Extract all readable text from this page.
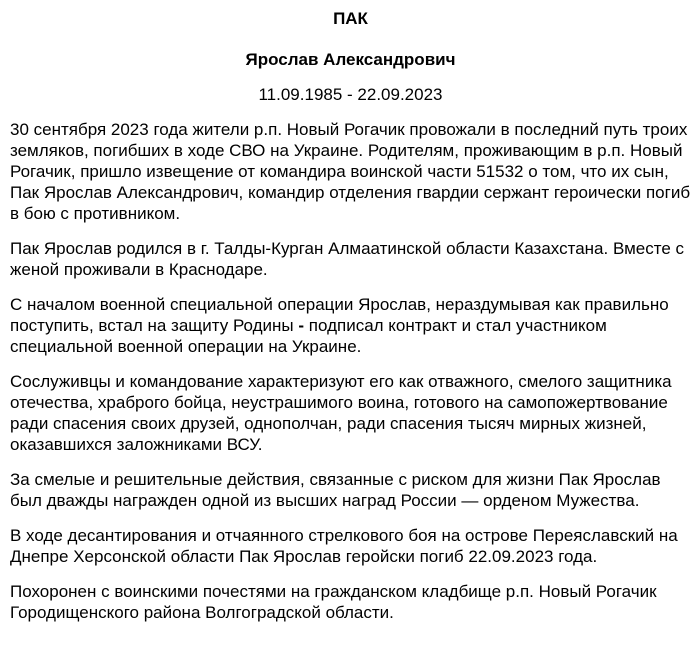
ПАК

Ярослав Александрович

11.09.1985 - 22.09.2023

30 сентября 2023 года жители р.п. Новый Рогачик провожали в последний путь троих земляков, погибших в ходе СВО на Украине. Родителям, проживающим в р.п. Новый Рогачик, пришло извещение от командира воинской части 51532 о том, что их сын, Пак Ярослав Александрович, командир отделения гвардии сержант героически погиб в бою с противником.

Пак Ярослав родился в г. Талды-Курган Алмаатинской области Казахстана. Вместе с женой проживали в Краснодаре.

С началом военной специальной операции Ярослав, нераздумывая как правильно поступить, встал на защиту Родины - подписал контракт и стал участником специальной военной операции на Украине.

Сослуживцы и командование характеризуют его как отважного, смелого защитника отечества, храброго бойца, неустрашимого воина, готового на самопожертвование ради спасения своих друзей, однополчан, ради спасения тысяч мирных жизней, оказавшихся заложниками ВСУ.

За смелые и решительные действия, связанные с риском для жизни Пак Ярослав был дважды награжден одной из высших наград России — орденом Мужества.

В ходе десантирования и отчаянного стрелкового боя на острове Переяславский на Днепре Херсонской области Пак Ярослав геройски погиб 22.09.2023 года.

Похоронен с воинскими почестями на гражданском кладбище р.п. Новый Рогачик Городищенского района Волгоградской области.
